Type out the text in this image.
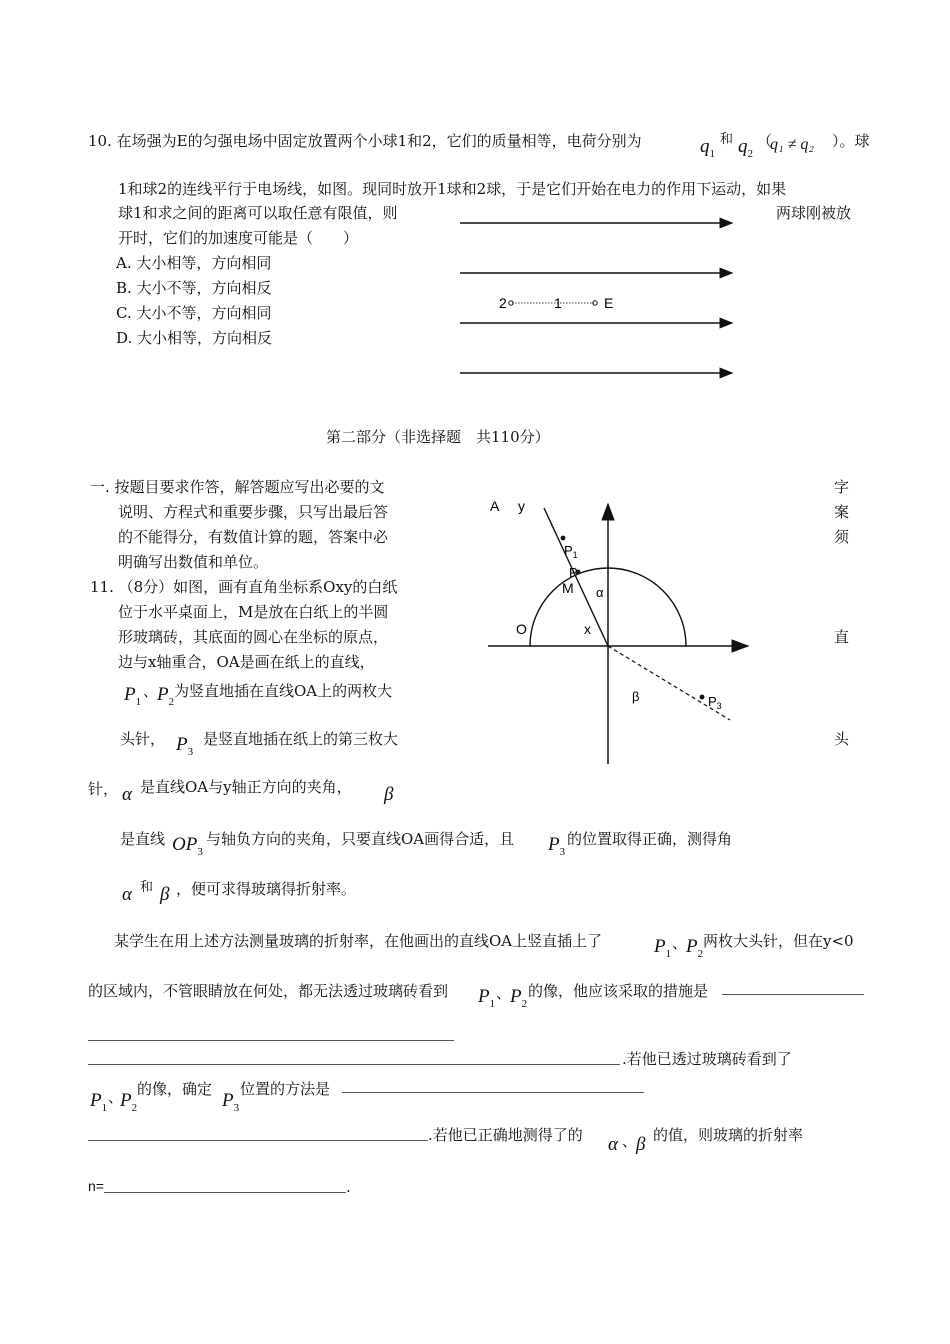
10. 在场强为E的匀强电场中固定放置两个小球1和2，它们的质量相等，电荷分别为	$q_1$
和 $q_2$
（
q₁ ≠ q₂ ）。球
1和球2的连线平行于电场线，如图。现同时放开1球和2球，于是它们开始在电力的作用下运动，如果
球1和求之间的距离可以取任意有限值，则	两球刚被放
开时，它们的加速度可能是（　　）
A. 大小相等，方向相同
B. 大小不等，方向相反
C. 大小不等，方向相同
D. 大小相等，方向相反
2	1	E
第二部分（非选择题　共110分）
一. 按题目要求作答，解答题应写出必要的文
说明、方程式和重要步骤，只写出最后答
的不能得分，有数值计算的题，答案中必
明确写出数值和单位。
字
案
须
直
头
11. （8分）如图，画有直角坐标系Oxy的白纸
位于水平桌面上，M是放在白纸上的半圆
形玻璃砖，其底面的圆心在坐标的原点，
边与x轴重合，OA是画在纸上的直线，
$P_1$
、
$P_2$
为竖直地插在直线OA上的两枚大
头针， $P_3$
是竖直地插在纸上的第三枚大
针， α 是直线OA与y轴正方向的夹角， β
是直线 $OP_3$
与轴负方向的夹角，只要直线OA画得合适，且 $P_3$
的位置取得正确，测得角
α 和 β ，便可求得玻璃得折射率。
某学生在用上述方法测量玻璃的折射率，在他画出的直线OA上竖直插上了	$P_1$
、
$P_2$
两枚大头针，但在y<0
的区域内，不管眼睛放在何处，都无法透过玻璃砖看到 $P_1$
、
$P_2$
的像，他应该采取的措施是
.若他已透过玻璃砖看到了
$P_1$
、
$P_2$
的像，确定
$P_3$
位置的方法是
.若他已正确地测得了的 α 、
β 的值，则玻璃的折射率
n=	.
A y
$P_1$
P
M α
O	x
β	$P_3$
